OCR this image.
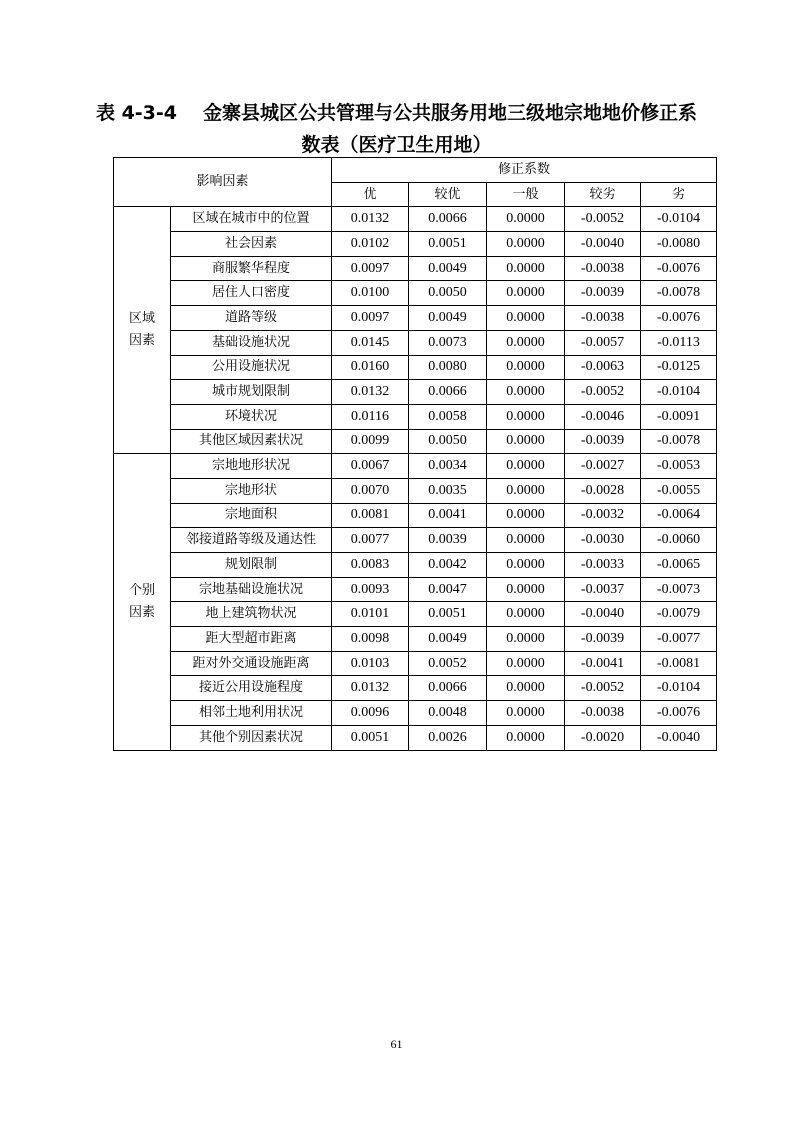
表 4-3-4 金寨县城区公共管理与公共服务用地三级地宗地地价修正系
数表（医疗卫生用地）
影响因素		修正系数				
		优	较优	一般	较劣	劣

区域
因素	区域在城市中的位置	0.0132	0.0066	0.0000	-0.0052	-0.0104
	社会因素	0.0102	0.0051	0.0000	-0.0040	-0.0080
	商服繁华程度	0.0097	0.0049	0.0000	-0.0038	-0.0076
	居住人口密度	0.0100	0.0050	0.0000	-0.0039	-0.0078
	道路等级	0.0097	0.0049	0.0000	-0.0038	-0.0076
	基础设施状况	0.0145	0.0073	0.0000	-0.0057	-0.0113
	公用设施状况	0.0160	0.0080	0.0000	-0.0063	-0.0125
	城市规划限制	0.0132	0.0066	0.0000	-0.0052	-0.0104
	环境状况	0.0116	0.0058	0.0000	-0.0046	-0.0091
	其他区域因素状况	0.0099	0.0050	0.0000	-0.0039	-0.0078

个别
因素	宗地地形状况	0.0067	0.0034	0.0000	-0.0027	-0.0053
	宗地形状	0.0070	0.0035	0.0000	-0.0028	-0.0055
	宗地面积	0.0081	0.0041	0.0000	-0.0032	-0.0064
	邻接道路等级及通达性	0.0077	0.0039	0.0000	-0.0030	-0.0060
	规划限制	0.0083	0.0042	0.0000	-0.0033	-0.0065
	宗地基础设施状况	0.0093	0.0047	0.0000	-0.0037	-0.0073
	地上建筑物状况	0.0101	0.0051	0.0000	-0.0040	-0.0079
	距大型超市距离	0.0098	0.0049	0.0000	-0.0039	-0.0077
	距对外交通设施距离	0.0103	0.0052	0.0000	-0.0041	-0.0081
	接近公用设施程度	0.0132	0.0066	0.0000	-0.0052	-0.0104
	相邻土地利用状况	0.0096	0.0048	0.0000	-0.0038	-0.0076
	其他个别因素状况	0.0051	0.0026	0.0000	-0.0020	-0.0040
61
